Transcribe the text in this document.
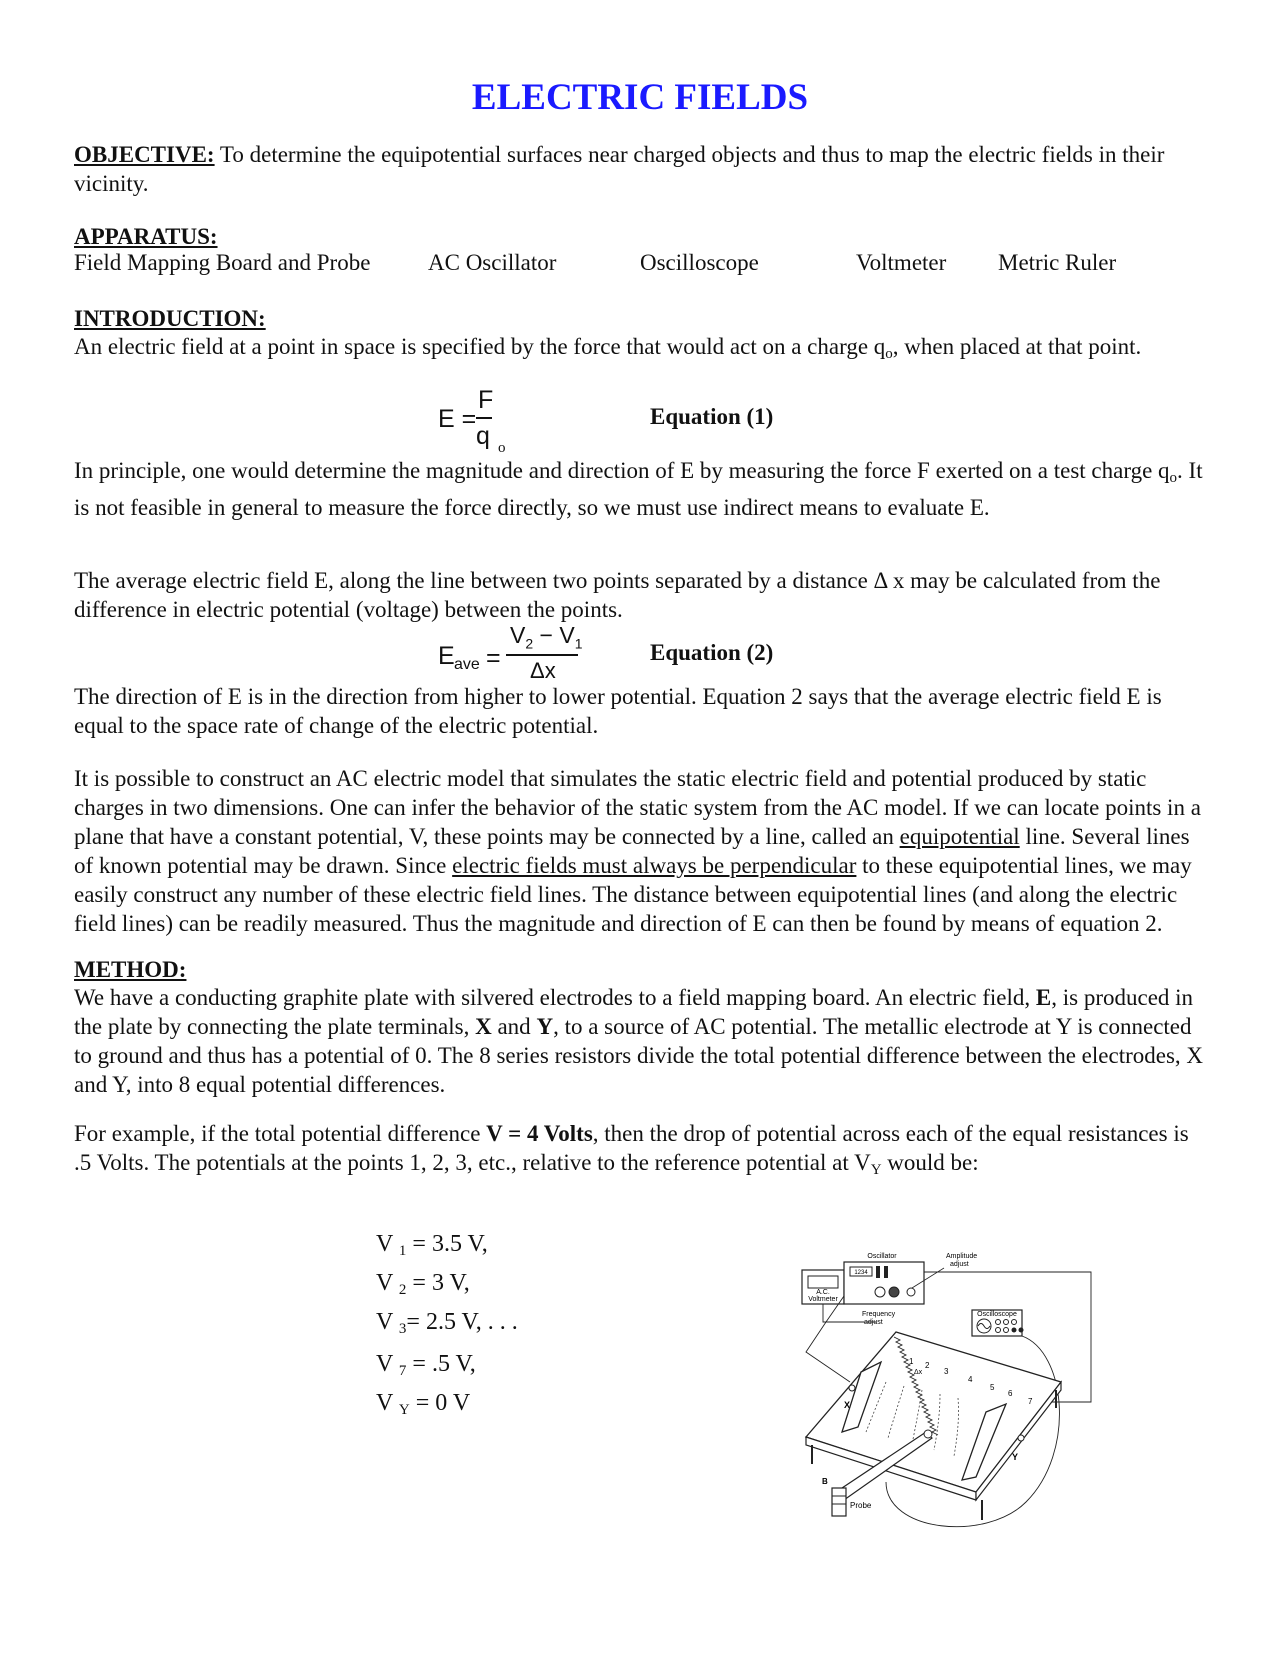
ELECTRIC FIELDS

OBJECTIVE: To determine the equipotential surfaces near charged objects and thus to map the electric fields in their vicinity.

APPARATUS:

Field Mapping Board and Probe	AC Oscillator	Oscilloscope	Voltmeter Metric Ruler

INTRODUCTION:

An electric field at a point in space is specified by the force that would act on a charge $q_o$, when placed at that point.

E =
F
q o
Equation (1)

In principle, one would determine the magnitude and direction of E by measuring the force F exerted on a test charge $q_o$. It is not feasible in general to measure the force directly, so we must use indirect means to evaluate E.

The average electric field E, along the line between two points separated by a distance Δ x may be calculated from the difference in electric potential (voltage) between the points.

E ave =
$V_2 - V_1$
Δx
Equation (2)

The direction of E is in the direction from higher to lower potential. Equation 2 says that the average electric field E is equal to the space rate of change of the electric potential.

It is possible to construct an AC electric model that simulates the static electric field and potential produced by static charges in two dimensions. One can infer the behavior of the static system from the AC model. If we can locate points in a plane that have a constant potential, V, these points may be connected by a line, called an equipotential line. Several lines of known potential may be drawn. Since electric fields must always be perpendicular to these equipotential lines, we may easily construct any number of these electric field lines. The distance between equipotential lines (and along the electric field lines) can be readily measured. Thus the magnitude and direction of E can then be found by means of equation 2.

METHOD:

We have a conducting graphite plate with silvered electrodes to a field mapping board. An electric field, E, is produced in the plate by connecting the plate terminals, X and Y, to a source of AC potential. The metallic electrode at Y is connected to ground and thus has a potential of 0. The 8 series resistors divide the total potential difference between the electrodes, X and Y, into 8 equal potential differences.

For example, if the total potential difference V = 4 Volts, then the drop of potential across each of the equal resistances is .5 Volts. The potentials at the points 1, 2, 3, etc., relative to the reference potential at $V_Y$ would be:

V $_1$ = 3.5 V,
V $_2$ = 3 V,
V $_3$= 2.5 V, . . .
V $_7$ = .5 V,
V $_Y$ = 0 V
A.C.
Voltmeter
Oscillator
1234
Amplitude
adjust
Frequency
adjust
Oscilloscope
X
Y
1 2
3
4
5
6
7
Δx
B
Probe
